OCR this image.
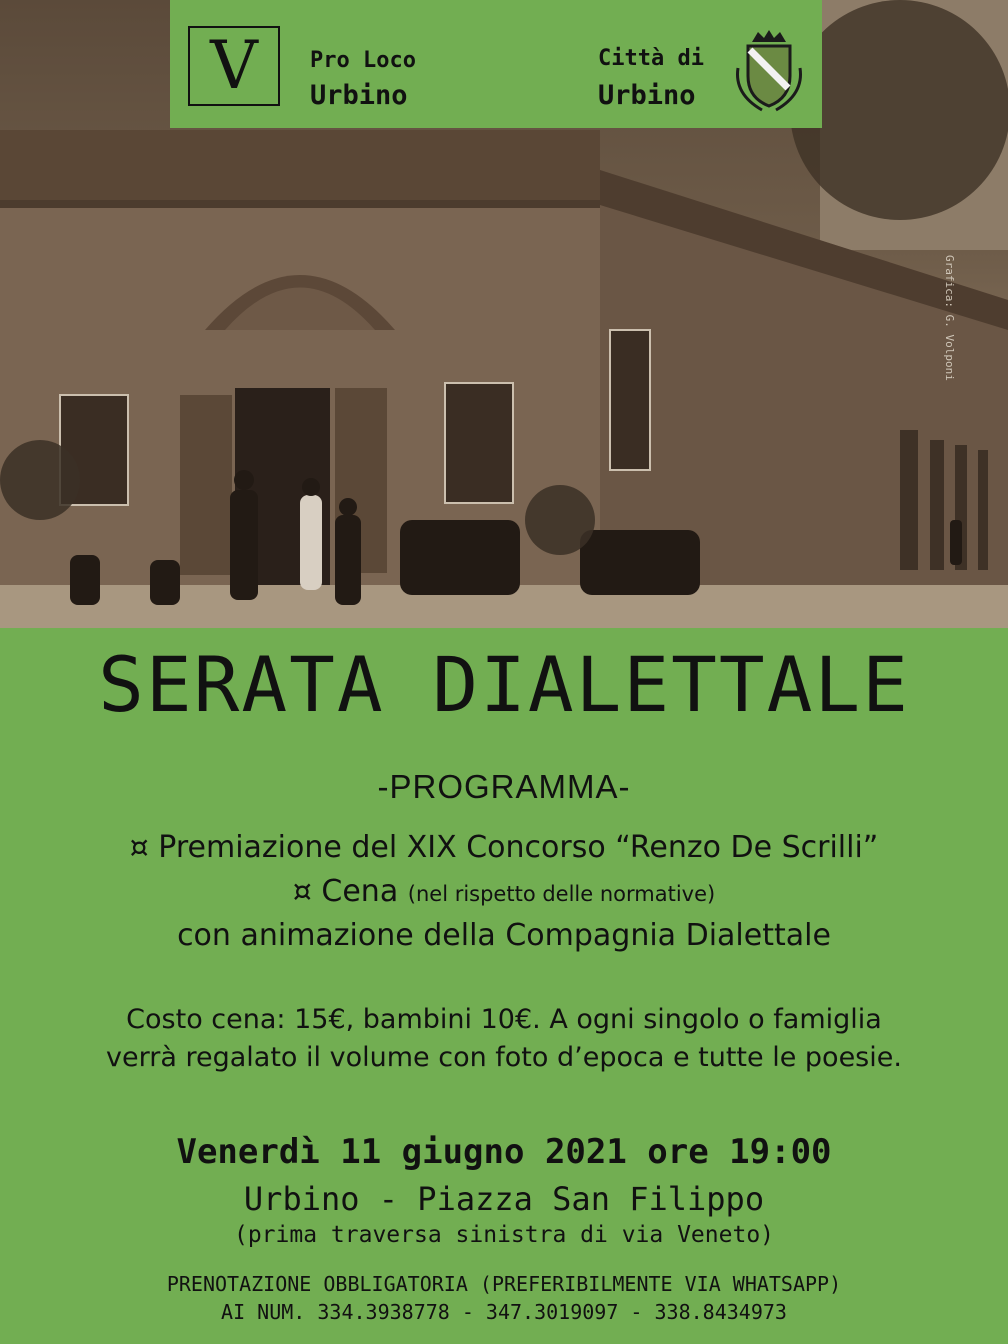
V Pro Loco
Urbino
Città di
Urbino
Grafica: G. Volponi
SERATA DIALETTALE
-PROGRAMMA-
¤ Premiazione del XIX Concorso “Renzo De Scrilli”
¤ Cena (nel rispetto delle normative)
con animazione della Compagnia Dialettale
Costo cena: 15€, bambini 10€. A ogni singolo o famiglia
verrà regalato il volume con foto d’epoca e tutte le poesie.
Venerdì 11 giugno 2021 ore 19:00
Urbino - Piazza San Filippo
(prima traversa sinistra di via Veneto)
PRENOTAZIONE OBBLIGATORIA (PREFERIBILMENTE VIA WHATSAPP)
AI NUM. 334.3938778 - 347.3019097 - 338.8434973
